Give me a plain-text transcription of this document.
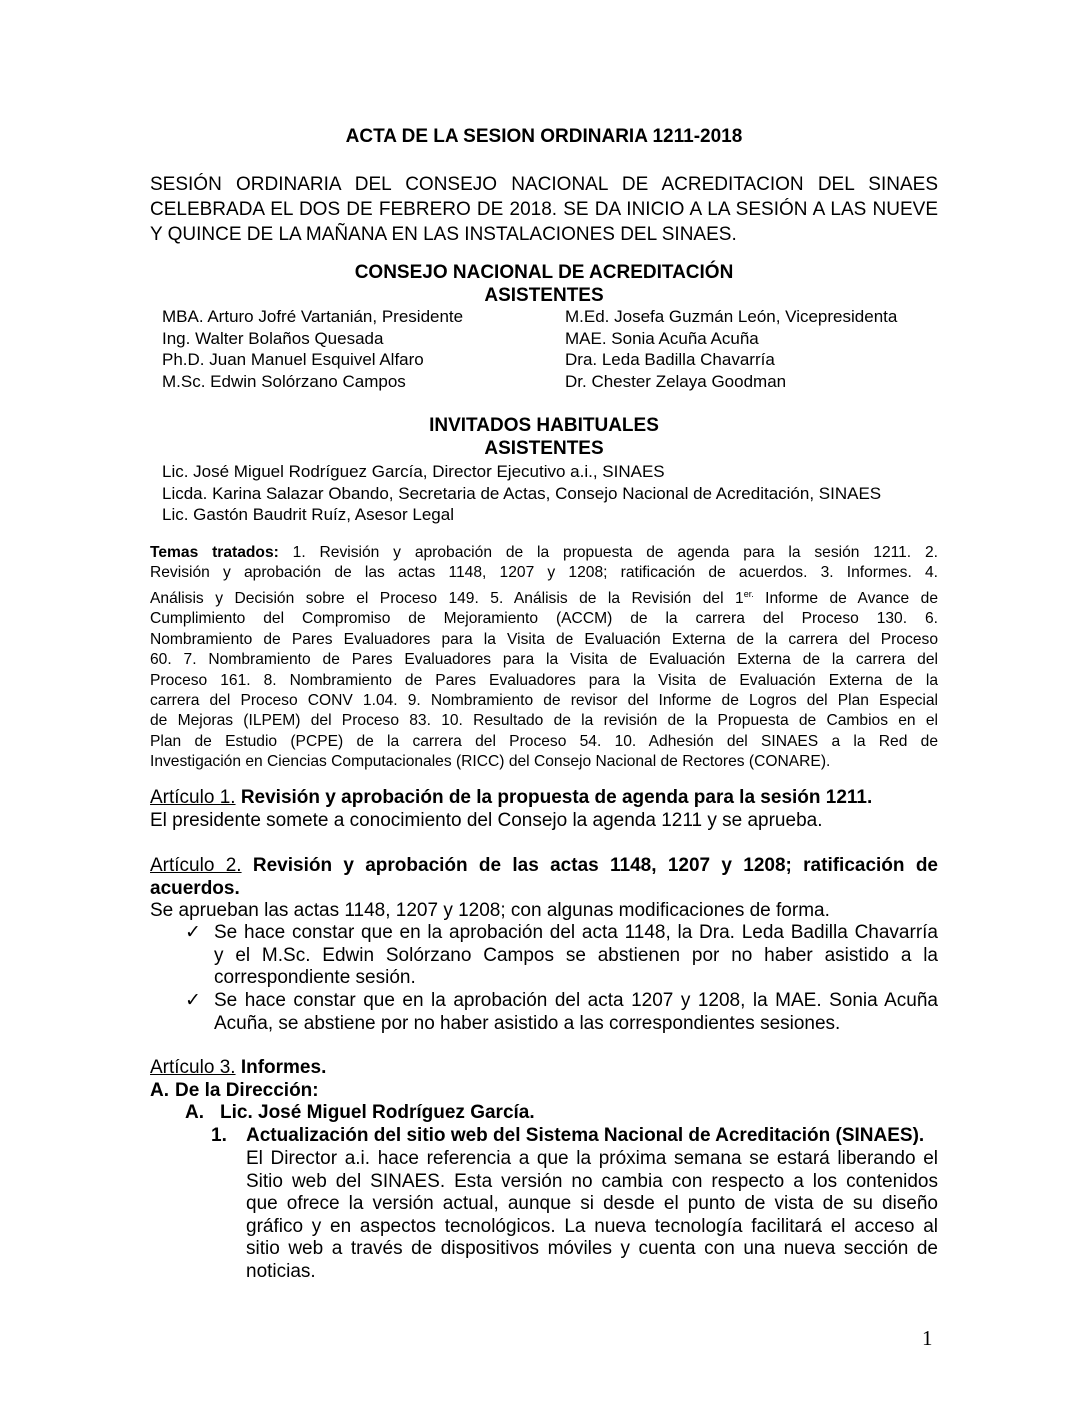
ACTA DE LA SESION ORDINARIA 1211-2018
SESIÓN ORDINARIA DEL CONSEJO NACIONAL DE ACREDITACION DEL SINAES
CELEBRADA EL DOS DE FEBRERO DE 2018. SE DA INICIO A LA SESIÓN A LAS NUEVE
Y QUINCE DE LA MAÑANA EN LAS INSTALACIONES DEL SINAES.
CONSEJO NACIONAL DE ACREDITACIÓN
ASISTENTES
MBA. Arturo Jofré Vartanián, Presidente	M.Ed. Josefa Guzmán León, Vicepresidenta
Ing. Walter Bolaños Quesada	MAE. Sonia Acuña Acuña
Ph.D. Juan Manuel Esquivel Alfaro	Dra. Leda Badilla Chavarría
M.Sc. Edwin Solórzano Campos	Dr. Chester Zelaya Goodman
INVITADOS HABITUALES
ASISTENTES
Lic. José Miguel Rodríguez García, Director Ejecutivo a.i., SINAES
Licda. Karina Salazar Obando, Secretaria de Actas, Consejo Nacional de Acreditación, SINAES
Lic. Gastón Baudrit Ruíz, Asesor Legal
Temas tratados: 1. Revisión y aprobación de la propuesta de agenda para la sesión 1211. 2.
Revisión y aprobación de las actas 1148, 1207 y 1208; ratificación de acuerdos. 3. Informes. 4.
Análisis y Decisión sobre el Proceso 149. 5. Análisis de la Revisión del $1^{er.}$ Informe de Avance de
Cumplimiento del Compromiso de Mejoramiento (ACCM) de la carrera del Proceso 130. 6.
Nombramiento de Pares Evaluadores para la Visita de Evaluación Externa de la carrera del Proceso
60. 7. Nombramiento de Pares Evaluadores para la Visita de Evaluación Externa de la carrera del
Proceso 161. 8. Nombramiento de Pares Evaluadores para la Visita de Evaluación Externa de la
carrera del Proceso CONV 1.04. 9. Nombramiento de revisor del Informe de Logros del Plan Especial
de Mejoras (ILPEM) del Proceso 83. 10. Resultado de la revisión de la Propuesta de Cambios en el
Plan de Estudio (PCPE) de la carrera del Proceso 54. 10. Adhesión del SINAES a la Red de
Investigación en Ciencias Computacionales (RICC) del Consejo Nacional de Rectores (CONARE).
Artículo 1. Revisión y aprobación de la propuesta de agenda para la sesión 1211.
El presidente somete a conocimiento del Consejo la agenda 1211 y se aprueba.
Artículo 2. Revisión y aprobación de las actas 1148, 1207 y 1208; ratificación de
acuerdos.
Se aprueban las actas 1148, 1207 y 1208; con algunas modificaciones de forma.
✓ Se hace constar que en la aprobación del acta 1148, la Dra. Leda Badilla Chavarría
y el M.Sc. Edwin Solórzano Campos se abstienen por no haber asistido a la
correspondiente sesión.
✓ Se hace constar que en la aprobación del acta 1207 y 1208, la MAE. Sonia Acuña
Acuña, se abstiene por no haber asistido a las correspondientes sesiones.
Artículo 3. Informes.
A. De la Dirección:
A. Lic. José Miguel Rodríguez García.
1. Actualización del sitio web del Sistema Nacional de Acreditación (SINAES).
El Director a.i. hace referencia a que la próxima semana se estará liberando el
Sitio web del SINAES. Esta versión no cambia con respecto a los contenidos
que ofrece la versión actual, aunque si desde el punto de vista de su diseño
gráfico y en aspectos tecnológicos. La nueva tecnología facilitará el acceso al
sitio web a través de dispositivos móviles y cuenta con una nueva sección de
noticias.
1
